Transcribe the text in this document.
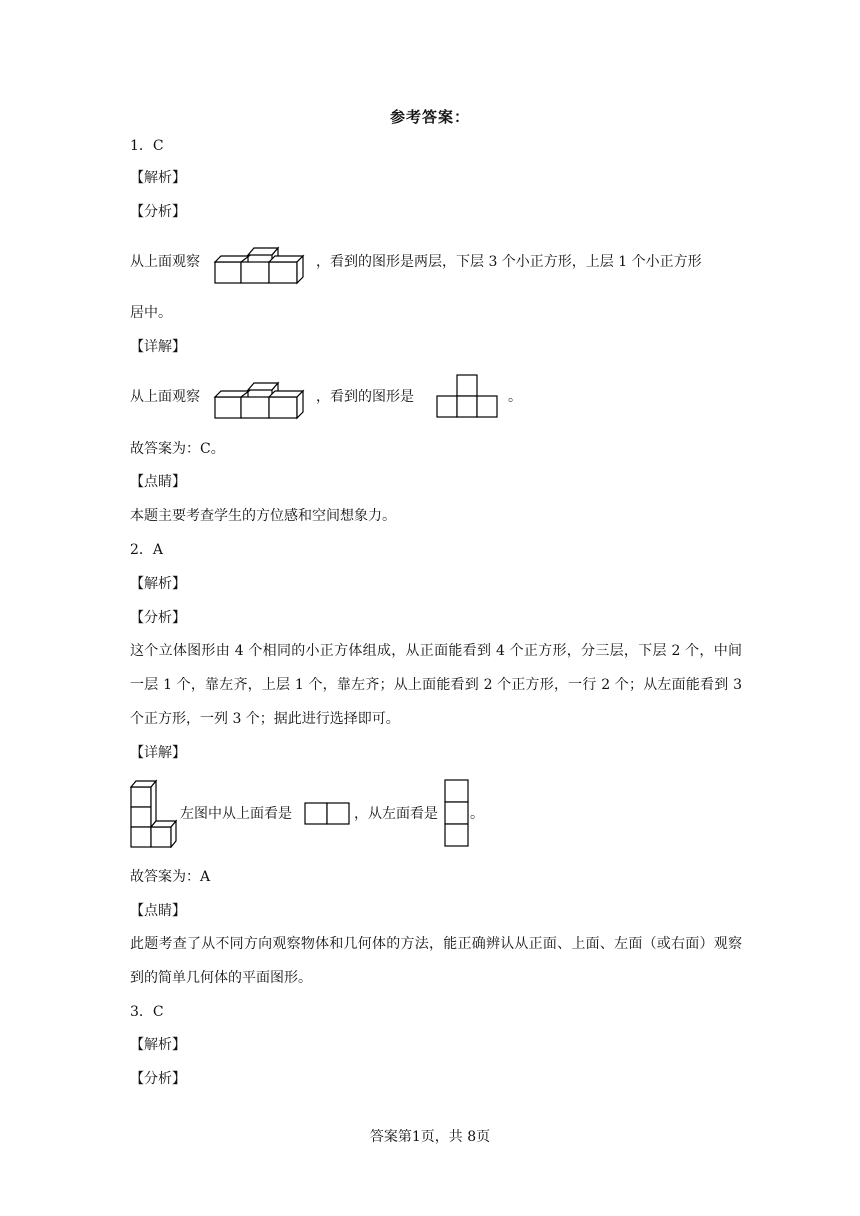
参考答案：
1．C
【解析】
【分析】
从上面观察	，看到的图形是两层，下层 3 个小正方形，上层 1 个小正方形
居中。
【详解】
从上面观察	，看到的图形是	。
故答案为：C。
【点睛】
本题主要考查学生的方位感和空间想象力。
2．A
【解析】
【分析】
这个立体图形由 4 个相同的小正方体组成，从正面能看到 4 个正方形，分三层，下层 2 个，中间一层 1 个，靠左齐，上层 1 个，靠左齐；从上面能看到 2 个正方形，一行 2 个；从左面能看到 3 个正方形，一列 3 个；据此进行选择即可。
【详解】
左图中从上面看是	，从左面看是 。
故答案为：A
【点睛】
此题考查了从不同方向观察物体和几何体的方法，能正确辨认从正面、上面、左面（或右面）观察到的简单几何体的平面图形。
3．C
【解析】
【分析】
答案第1页，共 8页
